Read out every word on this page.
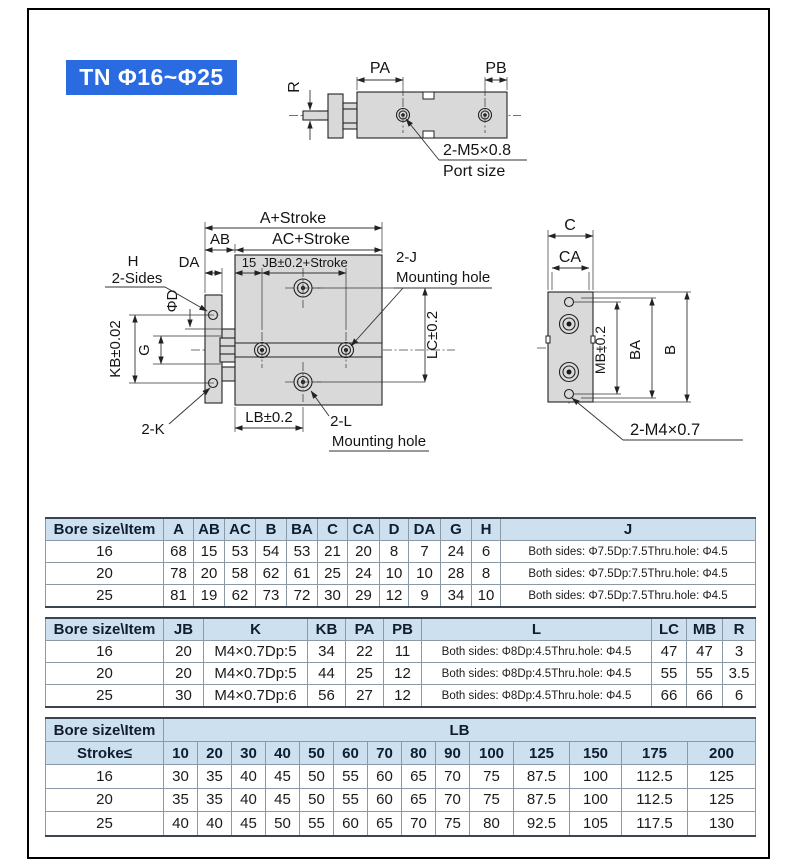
TN Φ16~Φ25	PA	PB
R
2-M5×0.8
Port size
A+Stroke
AB	AC+Stroke
DA	15 JB±0.2+Stroke	2-J
Mounting hole
LC±0.2
KB±0.02 G
ΦD
H
2-Sides
2-K
LB±0.2 2-L
Mounting hole
C
CA
MB±0.2 BA B
2-M4×0.7
Bore size\Item	A	AB	AC	B	BA	C	CA	D	DA	G	H	J
16	68	15	53	54	53	21	20	8	7	24	6	Both sides: Φ7.5Dp:7.5Thru.hole: Φ4.5
20	78	20	58	62	61	25	24	10	10	28	8	Both sides: Φ7.5Dp:7.5Thru.hole: Φ4.5
25	81	19	62	73	72	30	29	12	9	34	10	Both sides: Φ7.5Dp:7.5Thru.hole: Φ4.5
Bore size\Item	JB	K	KB	PA	PB	L	LC	MB	R
16	20	M4×0.7Dp:5	34	22	11	Both sides: Φ8Dp:4.5Thru.hole: Φ4.5	47	47	3
20	20	M4×0.7Dp:5	44	25	12	Both sides: Φ8Dp:4.5Thru.hole: Φ4.5	55	55	3.5
25	30	M4×0.7Dp:6	56	27	12	Both sides: Φ8Dp:4.5Thru.hole: Φ4.5	66	66	6
Bore size\Item	LB													
Stroke≤	10	20	30	40	50	60	70	80	90	100	125	150	175	200
16	30	35	40	45	50	55	60	65	70	75	87.5	100	112.5	125
20	35	35	40	45	50	55	60	65	70	75	87.5	100	112.5	125
25	40	40	45	50	55	60	65	70	75	80	92.5	105	117.5	130
